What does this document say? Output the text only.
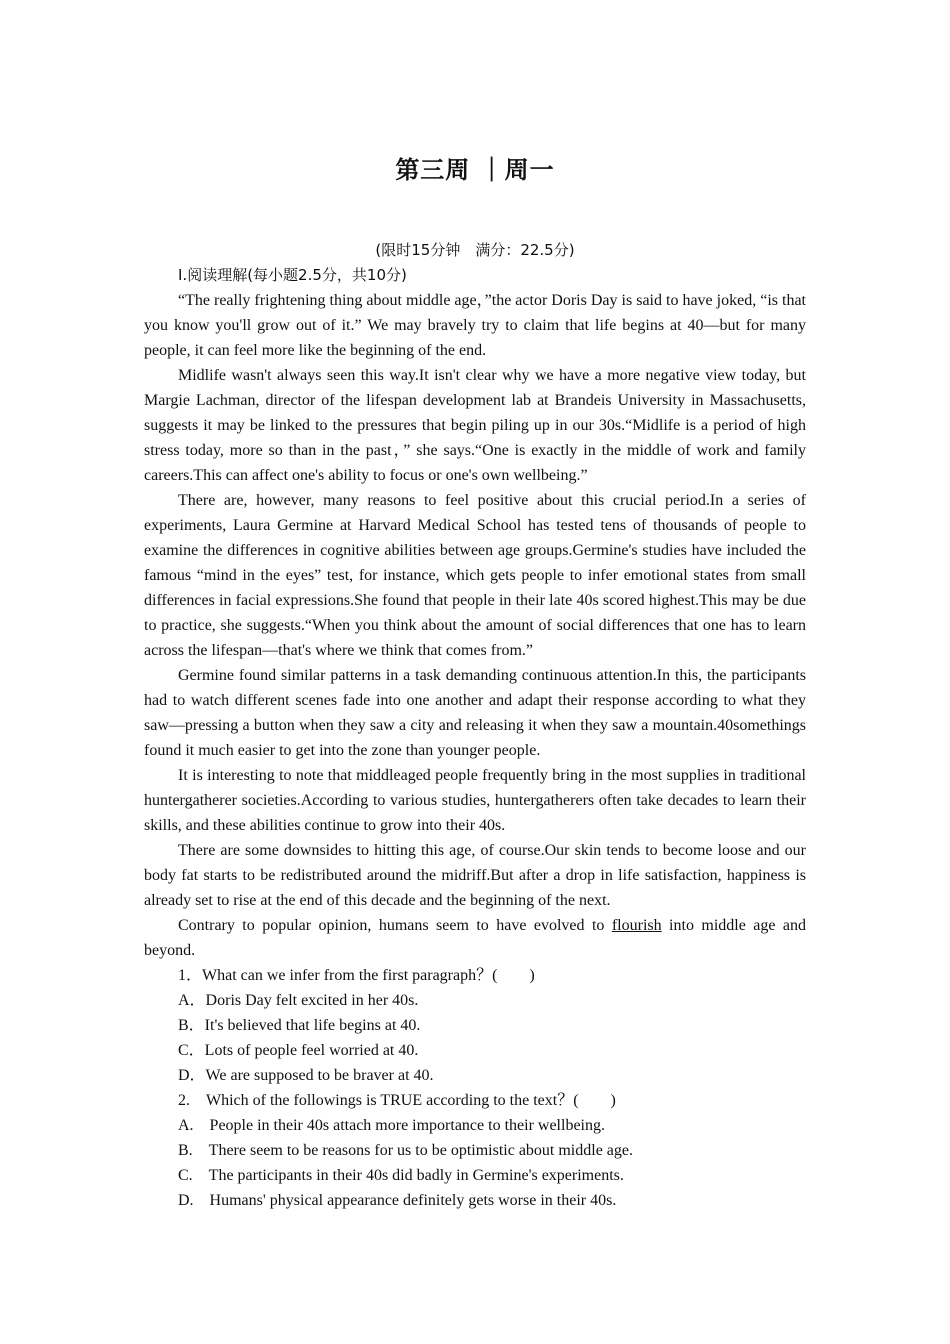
第三周 ｜周一

(限时15分钟　满分：22.5分)

Ⅰ.阅读理解(每小题2.5分，共10分)

“The really frightening thing about middle age，”the actor Doris Day is said to have joked, “is that you know you'll grow out of it.” We may bravely try to claim that life begins at 40—but for many people, it can feel more like the beginning of the end.

Midlife wasn't always seen this way.It isn't clear why we have a more negative view today, but Margie Lachman, director of the lifespan development lab at Brandeis University in Massachusetts, suggests it may be linked to the pressures that begin piling up in our 30s.“Midlife is a period of high stress today, more so than in the past，” she says.“One is exactly in the middle of work and family careers.This can affect one's ability to focus or one's own wellbeing.”

There are, however, many reasons to feel positive about this crucial period.In a series of experiments, Laura Germine at Harvard Medical School has tested tens of thousands of people to examine the differences in cognitive abilities between age groups.Germine's studies have included the famous “mind in the eyes” test, for instance, which gets people to infer emotional states from small differences in facial expressions.She found that people in their late 40s scored highest.This may be due to practice, she suggests.“When you think about the amount of social differences that one has to learn across the lifespan—that's where we think that comes from.”

Germine found similar patterns in a task demanding continuous attention.In this, the participants had to watch different scenes fade into one another and adapt their response according to what they saw—pressing a button when they saw a city and releasing it when they saw a mountain.40somethings found it much easier to get into the zone than younger people.

It is interesting to note that middleaged people frequently bring in the most supplies in traditional huntergatherer societies.According to various studies, huntergatherers often take decades to learn their skills, and these abilities continue to grow into their 40s.

There are some downsides to hitting this age, of course.Our skin tends to become loose and our body fat starts to be redistributed around the midriff.But after a drop in life satisfaction, happiness is already set to rise at the end of this decade and the beginning of the next.

Contrary to popular opinion, humans seem to have evolved to flourish into middle age and beyond.

1．What can we infer from the first paragraph？(　　)

A．Doris Day felt excited in her 40s.

B．It's believed that life begins at 40.

C．Lots of people feel worried at 40.

D．We are supposed to be braver at 40.

2.　Which of the followings is TRUE according to the text？(　　)

A.　People in their 40s attach more importance to their wellbeing.

B.　There seem to be reasons for us to be optimistic about middle age.

C.　The participants in their 40s did badly in Germine's experiments.

D.　Humans' physical appearance definitely gets worse in their 40s.
